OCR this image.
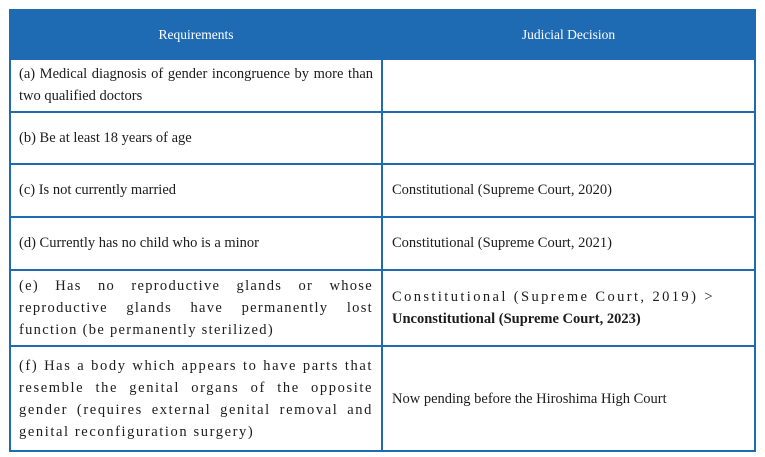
Requirements	Judicial Decision
(a) Medical diagnosis of gender incongruence by more than two qualified doctors	
(b) Be at least 18 years of age	
(c) Is not currently married	Constitutional (Supreme Court, 2020)
(d) Currently has no child who is a minor	Constitutional (Supreme Court, 2021)
(e) Has no reproductive glands or whose reproductive glands have permanently lost function (be permanently sterilized)	Constitutional (Supreme Court, 2019) >
Unconstitutional (Supreme Court, 2023)

(f) Has a body which appears to have parts that resemble the genital organs of the opposite gender (requires external genital removal and genital reconfiguration surgery)	Now pending before the Hiroshima High Court
